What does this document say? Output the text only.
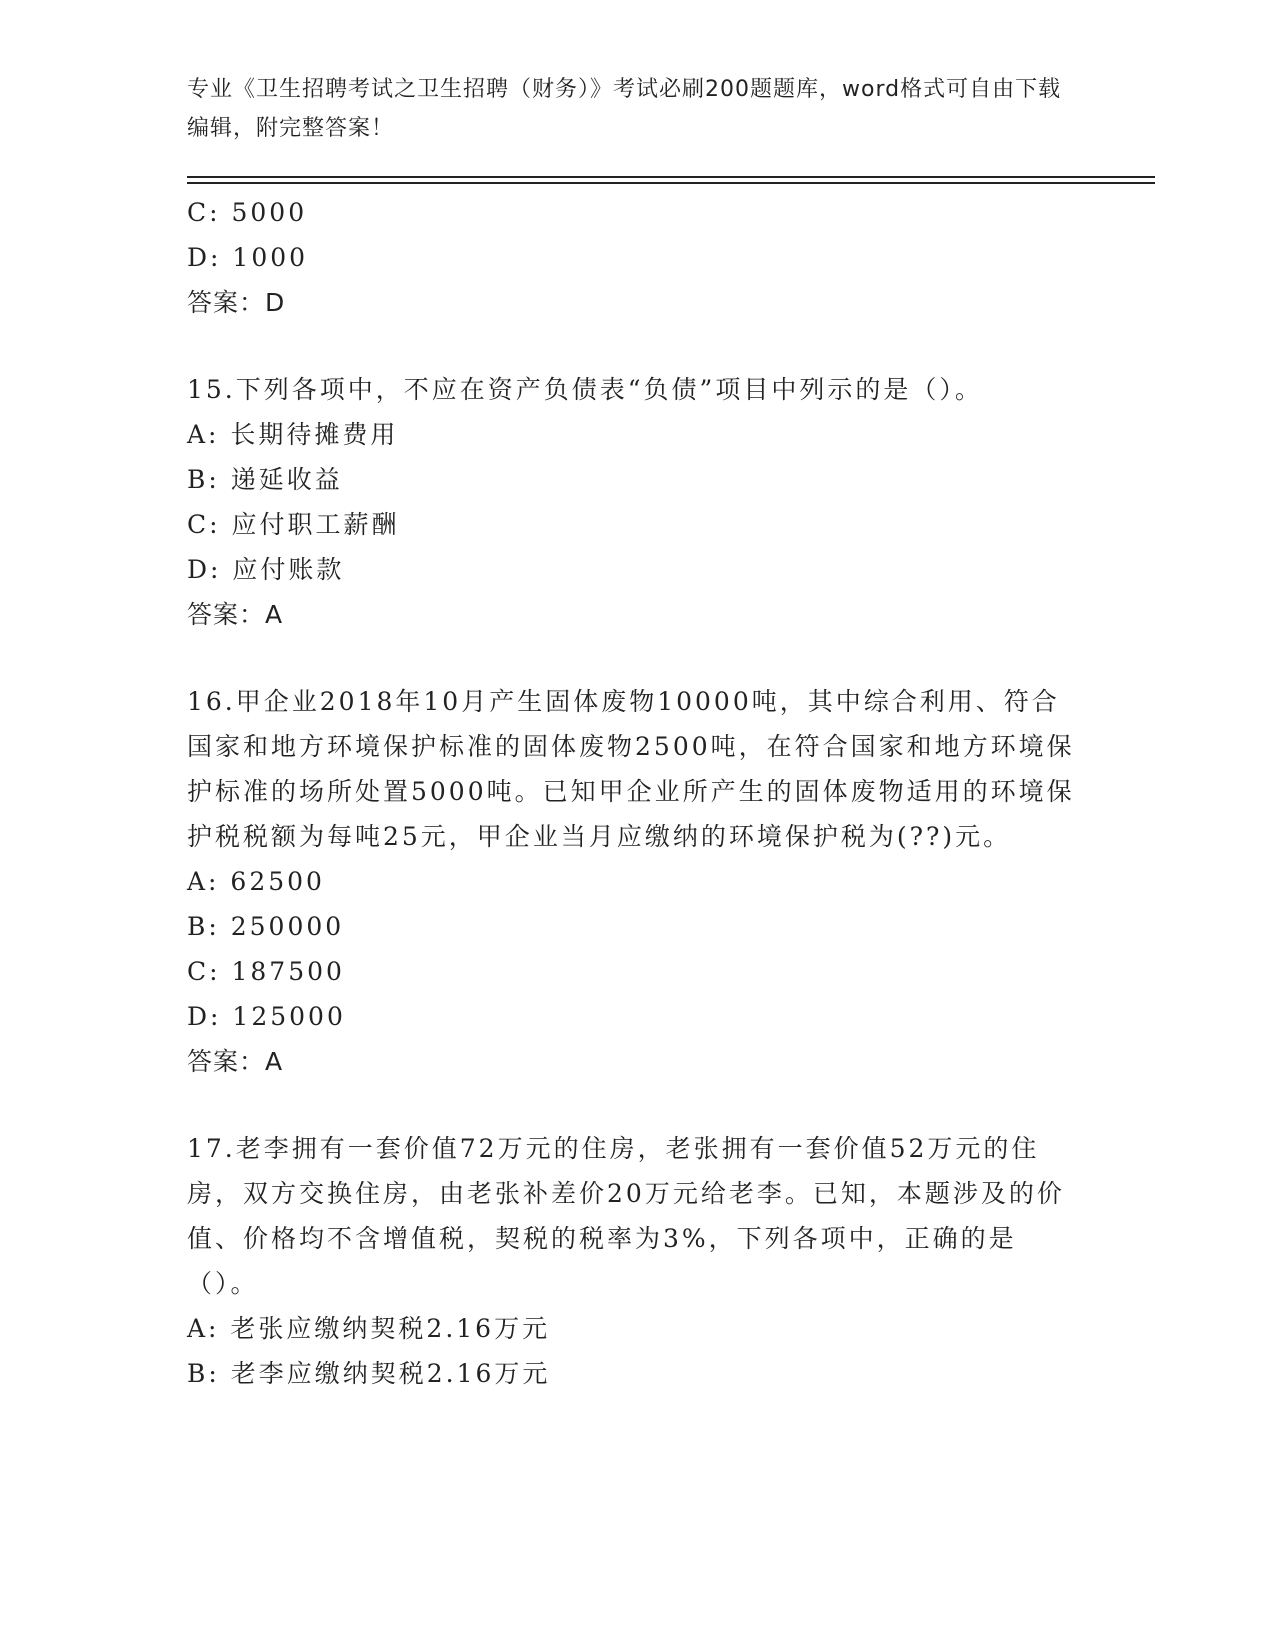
专业《卫生招聘考试之卫生招聘（财务）》考试必刷200题题库，word格式可自由下载编辑，附完整答案！
C: 5000
D: 1000
答案：D
15.下列各项中，不应在资产负债表“负债”项目中列示的是（）。
A: 长期待摊费用
B: 递延收益
C: 应付职工薪酬
D: 应付账款
答案：A
16.甲企业2018年10月产生固体废物10000吨，其中综合利用、符合国家和地方环境保护标准的固体废物2500吨，在符合国家和地方环境保护标准的场所处置5000吨。已知甲企业所产生的固体废物适用的环境保护税税额为每吨25元，甲企业当月应缴纳的环境保护税为(??)元。
A: 62500
B: 250000
C: 187500
D: 125000
答案：A
17.老李拥有一套价值72万元的住房，老张拥有一套价值52万元的住房，双方交换住房，由老张补差价20万元给老李。已知，本题涉及的价值、价格均不含增值税，契税的税率为3%，下列各项中，正确的是（）。
A: 老张应缴纳契税2.16万元
B: 老李应缴纳契税2.16万元
